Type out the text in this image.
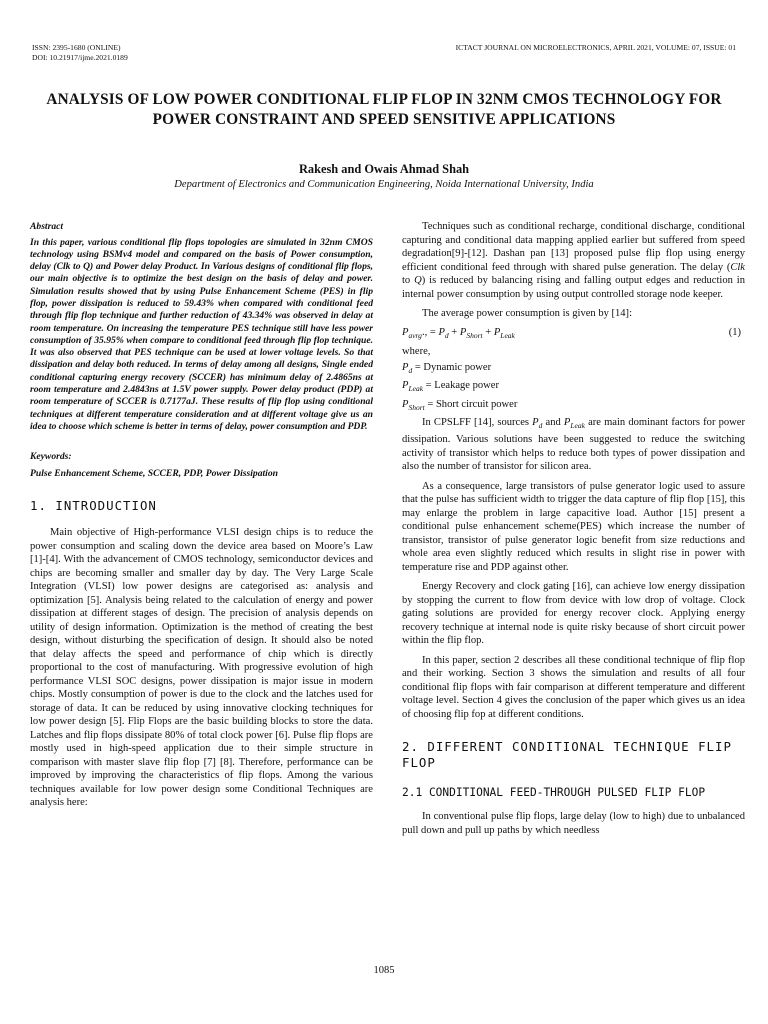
ISSN: 2395-1680 (ONLINE)
DOI: 10.21917/ijme.2021.0189
ICTACT JOURNAL ON MICROELECTRONICS, APRIL 2021, VOLUME: 07, ISSUE: 01
ANALYSIS OF LOW POWER CONDITIONAL FLIP FLOP IN 32NM CMOS TECHNOLOGY FOR POWER CONSTRAINT AND SPEED SENSITIVE APPLICATIONS
Rakesh and Owais Ahmad Shah
Department of Electronics and Communication Engineering, Noida International University, India

Abstract

In this paper, various conditional flip flops topologies are simulated in 32nm CMOS technology using BSMv4 model and compared on the basis of Power consumption, delay (Clk to Q) and Power delay Product. In Various designs of conditional flip flops, our main objective is to optimize the best design on the basis of delay and power. Simulation results showed that by using Pulse Enhancement Scheme (PES) in flip flop, power dissipation is reduced to 59.43% when compared with conditional feed through flip flop technique and further reduction of 43.34% was observed in delay at room temperature. On increasing the temperature PES technique still have less power consumption of 35.95% when compare to conditional feed through flip flop technique. It was also observed that PES technique can be used at lower voltage levels. So that dissipation and delay both reduced. In terms of delay among all designs, Single ended conditional capturing energy recovery (SCCER) has minimum delay of 2.4865ns at room temperature and 2.4843ns at 1.5V power supply. Power delay product (PDP) at room temperature of SCCER is 0.7177aJ. These results of flip flop using conditional techniques at different temperature consideration and at different voltage give us an idea to choose which scheme is better in terms of delay, power consumption and PDP.

Keywords:

Pulse Enhancement Scheme, SCCER, PDP, Power Dissipation

1. INTRODUCTION

Main objective of High-performance VLSI design chips is to reduce the power consumption and scaling down the device area based on Moore’s Law [1]-[4]. With the advancement of CMOS technology, semiconductor devices and chips are becoming smaller and smaller day by day. The Very Large Scale Integration (VLSI) low power designs are categorised as: analysis and optimization [5]. Analysis being related to the calculation of energy and power dissipation at different stages of design. The precision of analysis depends on utility of design information. Optimization is the method of creating the best design, without disturbing the specification of design. It should also be noted that delay affects the speed and performance of chip which is directly proportional to the cost of manufacturing. With progressive evolution of high performance VLSI SOC designs, power dissipation is major issue in modern chips. Mostly consumption of power is due to the clock and the latches used for storage of data. It can be reduced by using innovative clocking techniques for low power design [5]. Flip Flops are the basic building blocks to store the data. Latches and flip flops dissipate 80% of total clock power [6]. Pulse flip flops are mostly used in high-speed application due to their simple structure in comparison with master slave flip flop [7] [8]. Therefore, performance can be improved by improving the characteristics of flip flops. Among the various techniques available for low power design some Conditional Techniques are analysis here:

Techniques such as conditional recharge, conditional discharge, conditional capturing and conditional data mapping applied earlier but suffered from speed degradation[9]-[12]. Dashan pan [13] proposed pulse flip flop using energy efficient conditional feed through with shared pulse generation. The delay (Clk to Q) is reduced by balancing rising and falling output edges and reduction in internal power consumption by using output controlled storage node keeper.

The average power consumption is given by [14]:

$P_{avrg}$., = $P_d + P_{Short} + P_{Leak}$	(1)

where,

$P_d$ = Dynamic power

$P_{Leak}$ = Leakage power

$P_{Short}$ = Short circuit power

In CPSLFF [14], sources $P_d$ and $P_{Leak}$ are main dominant factors for power dissipation. Various solutions have been suggested to reduce the switching activity of transistor which helps to reduce both types of power dissipation and also the number of transistor for silicon area.

As a consequence, large transistors of pulse generator logic used to assure that the pulse has sufficient width to trigger the data capture of flip flop [15], this may enlarge the problem in large capacitive load. Author [15] present a conditional pulse enhancement scheme(PES) which increase the number of transistor, transistor of pulse generator logic benefit from size reductions and whole area even slightly reduced which results in slight rise in power with temperature rise and PDP against other.

Energy Recovery and clock gating [16], can achieve low energy dissipation by stopping the current to flow from device with low drop of voltage. Clock gating solutions are provided for energy recover clock. Applying energy recovery technique at internal node is quite risky because of short circuit power within the flip flop.

In this paper, section 2 describes all these conditional technique of flip flop and their working. Section 3 shows the simulation and results of all four conditional flip flops with fair comparison at different temperature and different voltage level. Section 4 gives the conclusion of the paper which gives us an idea of choosing flip fop at different conditions.

2. DIFFERENT CONDITIONAL TECHNIQUE FLIP FLOP
2.1 CONDITIONAL FEED-THROUGH PULSED FLIP FLOP

In conventional pulse flip flops, large delay (low to high) due to unbalanced pull down and pull up paths by which needless

1085
